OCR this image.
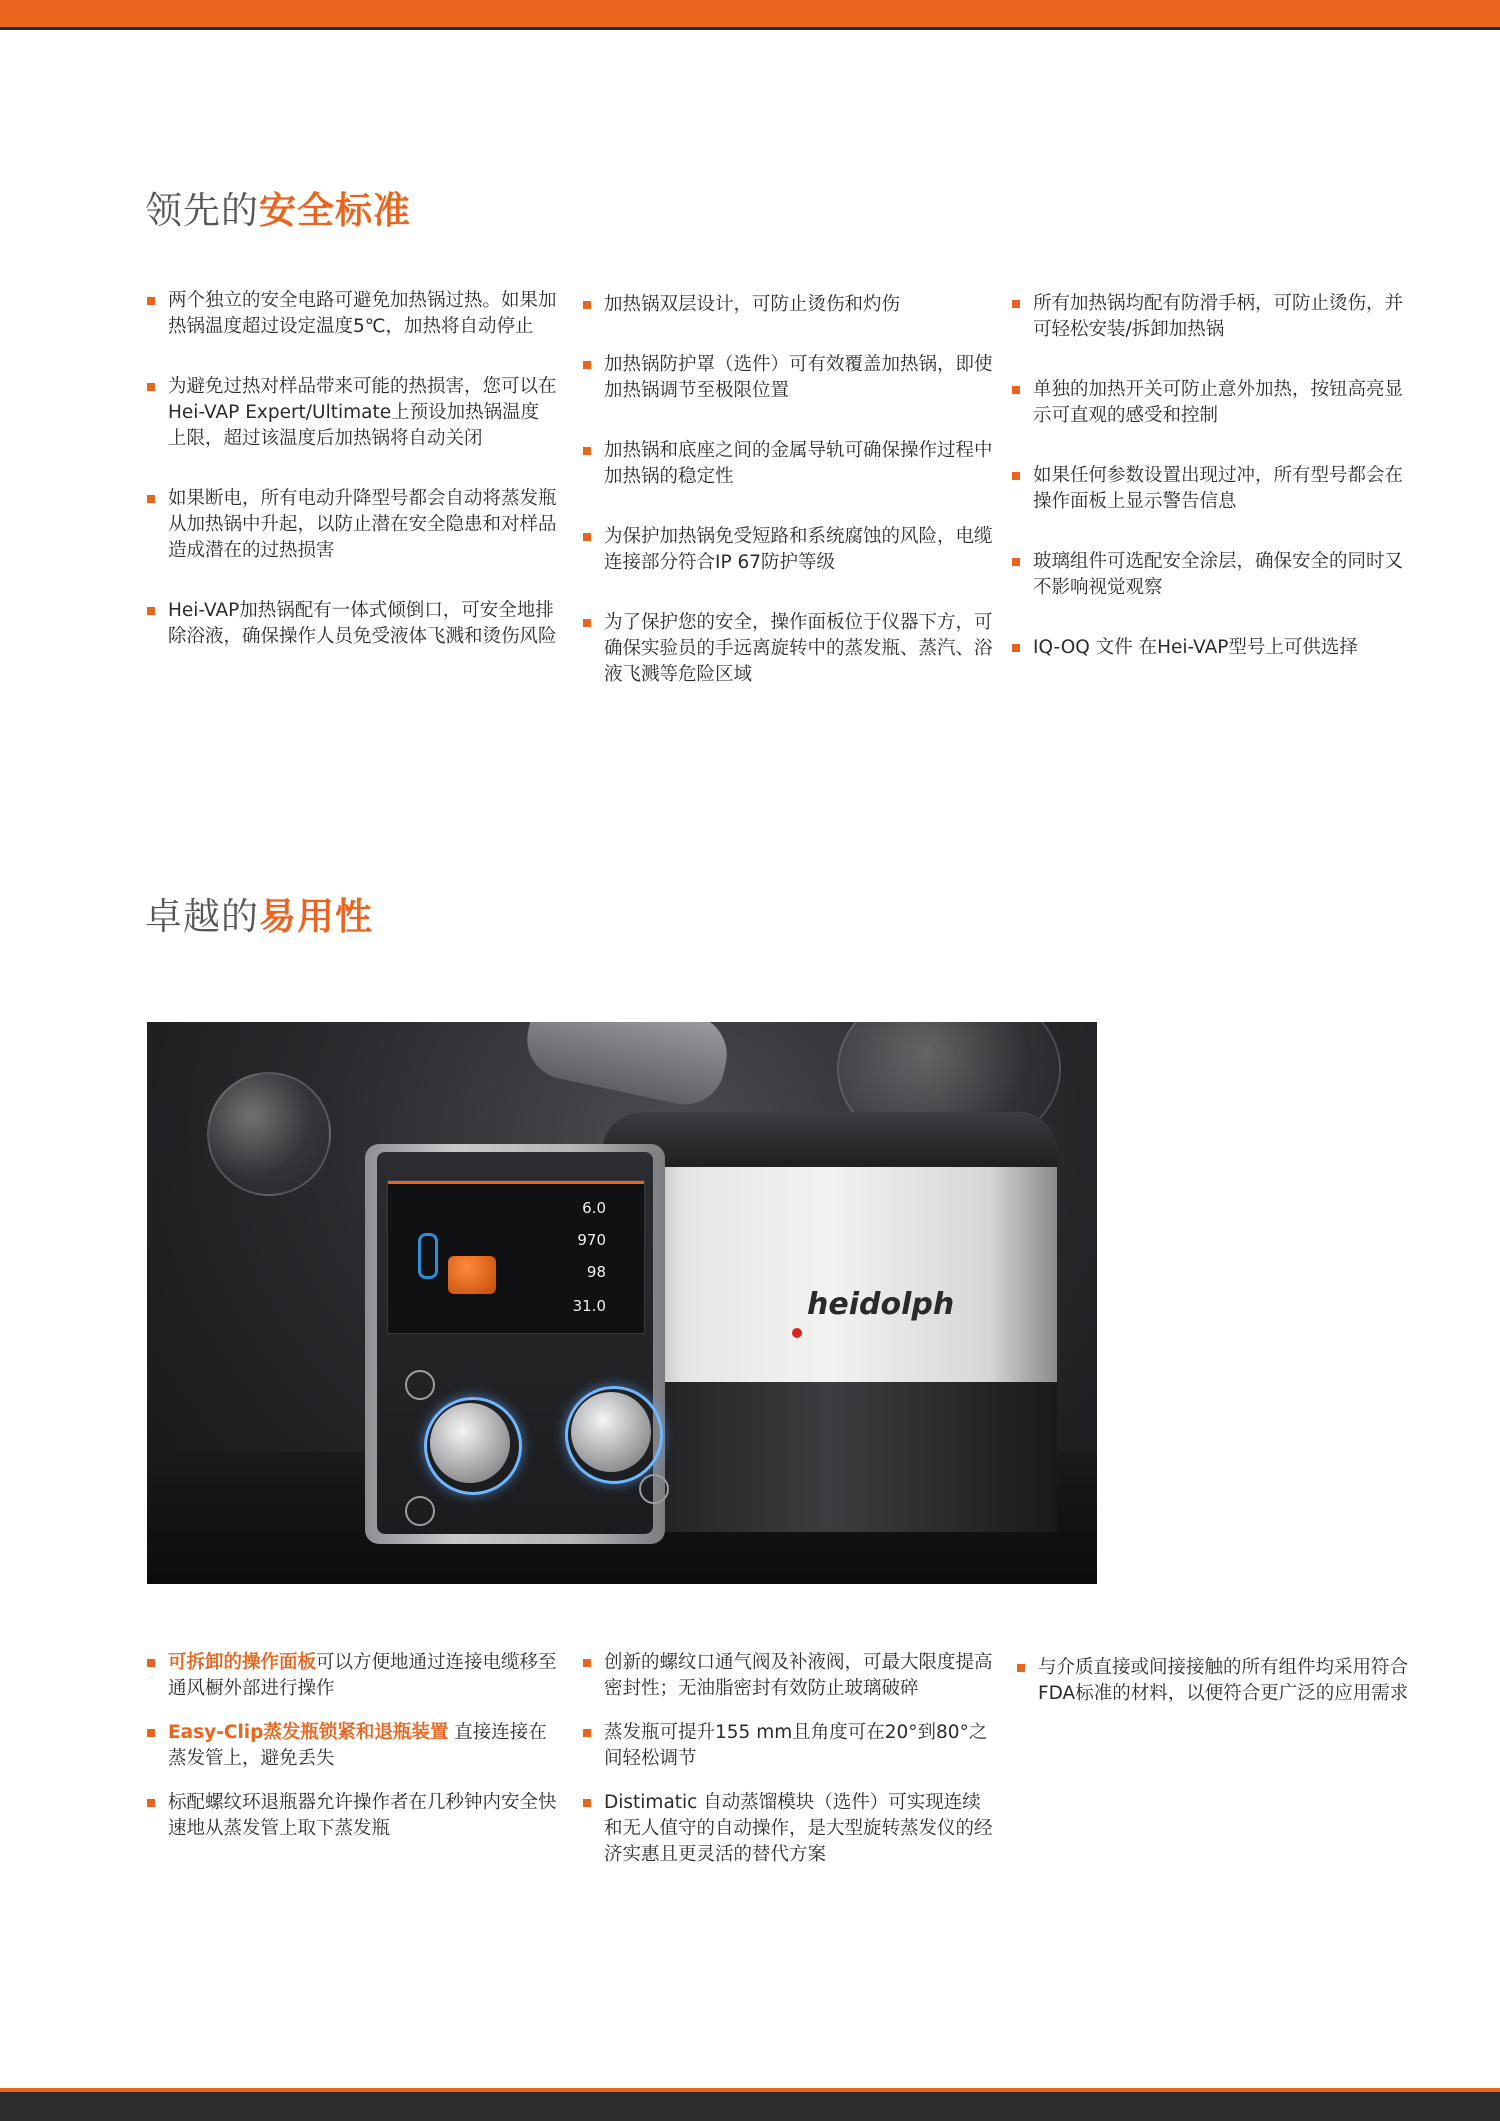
领先的安全标准
两个独立的安全电路可避免加热锅过热。如果加热锅温度超过设定温度5℃，加热将自动停止
为避免过热对样品带来可能的热损害，您可以在Hei-VAP Expert/Ultimate上预设加热锅温度上限，超过该温度后加热锅将自动关闭
如果断电，所有电动升降型号都会自动将蒸发瓶从加热锅中升起，以防止潜在安全隐患和对样品造成潜在的过热损害
Hei-VAP加热锅配有一体式倾倒口，可安全地排除浴液，确保操作人员免受液体飞溅和烫伤风险
加热锅双层设计，可防止烫伤和灼伤
加热锅防护罩（选件）可有效覆盖加热锅，即使加热锅调节至极限位置
加热锅和底座之间的金属导轨可确保操作过程中加热锅的稳定性
为保护加热锅免受短路和系统腐蚀的风险，电缆连接部分符合IP 67防护等级
为了保护您的安全，操作面板位于仪器下方，可确保实验员的手远离旋转中的蒸发瓶、蒸汽、浴液飞溅等危险区域
所有加热锅均配有防滑手柄，可防止烫伤，并可轻松安装/拆卸加热锅
单独的加热开关可防止意外加热，按钮高亮显示可直观的感受和控制
如果任何参数设置出现过冲，所有型号都会在操作面板上显示警告信息
玻璃组件可选配安全涂层，确保安全的同时又不影响视觉观察
IQ-OQ 文件 在Hei-VAP型号上可供选择
卓越的易用性
heidolph
6.0
970
98
31.0
可拆卸的操作面板可以方便地通过连接电缆移至通风橱外部进行操作
Easy-Clip蒸发瓶锁紧和退瓶装置 直接连接在蒸发管上，避免丢失
标配螺纹环退瓶器允许操作者在几秒钟内安全快速地从蒸发管上取下蒸发瓶
创新的螺纹口通气阀及补液阀，可最大限度提高密封性；无油脂密封有效防止玻璃破碎
蒸发瓶可提升155 mm且角度可在20°到80°之间轻松调节
Distimatic 自动蒸馏模块（选件）可实现连续和无人值守的自动操作，是大型旋转蒸发仪的经济实惠且更灵活的替代方案
与介质直接或间接接触的所有组件均采用符合FDA标准的材料，以便符合更广泛的应用需求
